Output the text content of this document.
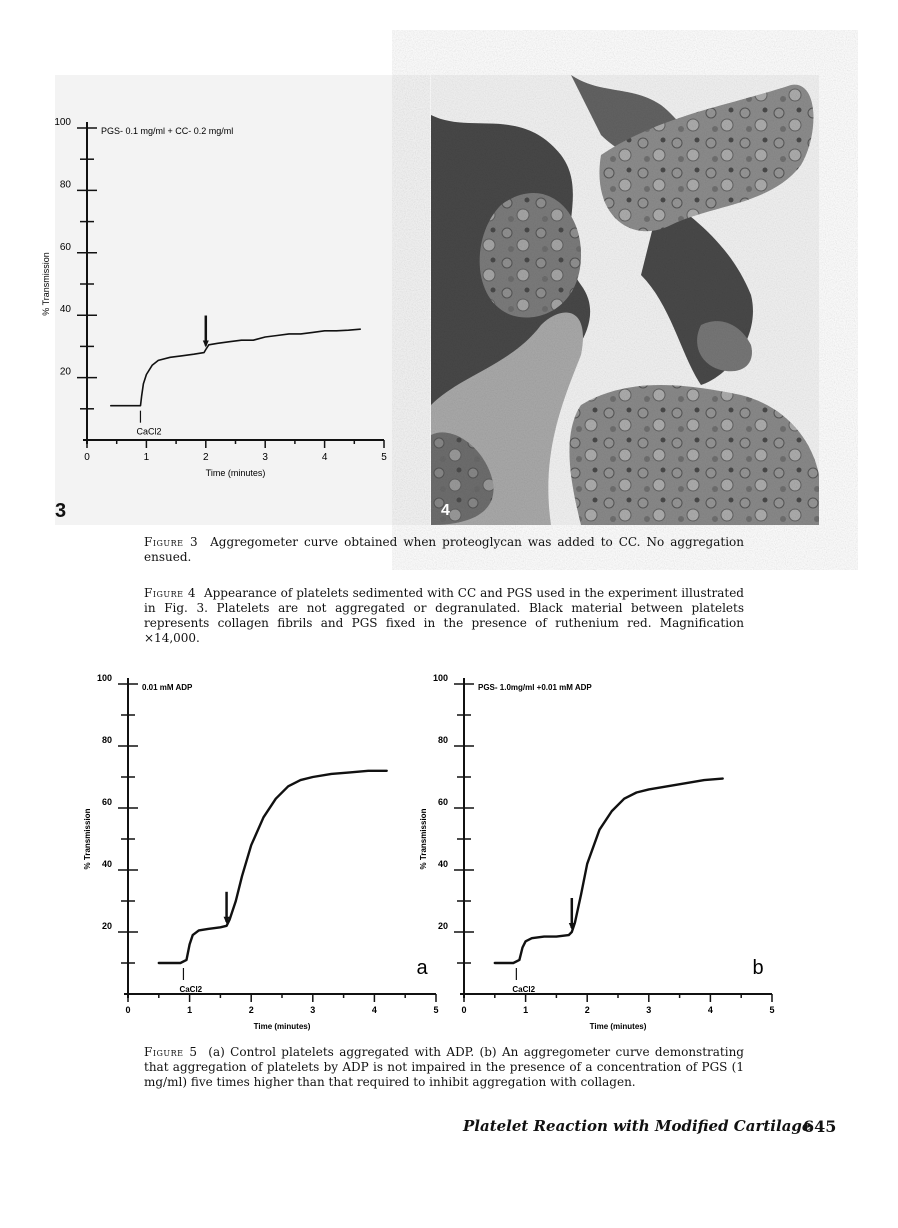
20
40
60
80
100
0	1	2	3	4	5
Time (minutes)
% Transmission
PGS- 0.1 mg/ml + CC- 0.2 mg/ml
CaCl2
3	4
Figure 3 Aggregometer curve obtained when proteoglycan was added to CC. No aggregation ensued.
Figure 4 Appearance of platelets sedimented with CC and PGS used in the experiment illustrated in Fig. 3. Platelets are not aggregated or degranulated. Black material between platelets represents collagen fibrils and PGS fixed in the presence of ruthenium red. Magnification ×14,000.
20
40
60
80
100
0	1	2	3	4	5
Time (minutes)
% Transmission
0.01 mM ADP
CaCl2
a
20
40
60
80
100
0	1	2	3	4	5
Time (minutes)
% Transmission
PGS- 1.0mg/ml +0.01 mM ADP
CaCl2
b
Figure 5 (a) Control platelets aggregated with ADP. (b) An aggregometer curve demonstrating that aggregation of platelets by ADP is not impaired in the presence of a concentration of PGS (1 mg/ml) five times higher than that required to inhibit aggregation with collagen.
Platelet Reaction with Modified Cartilage
645
